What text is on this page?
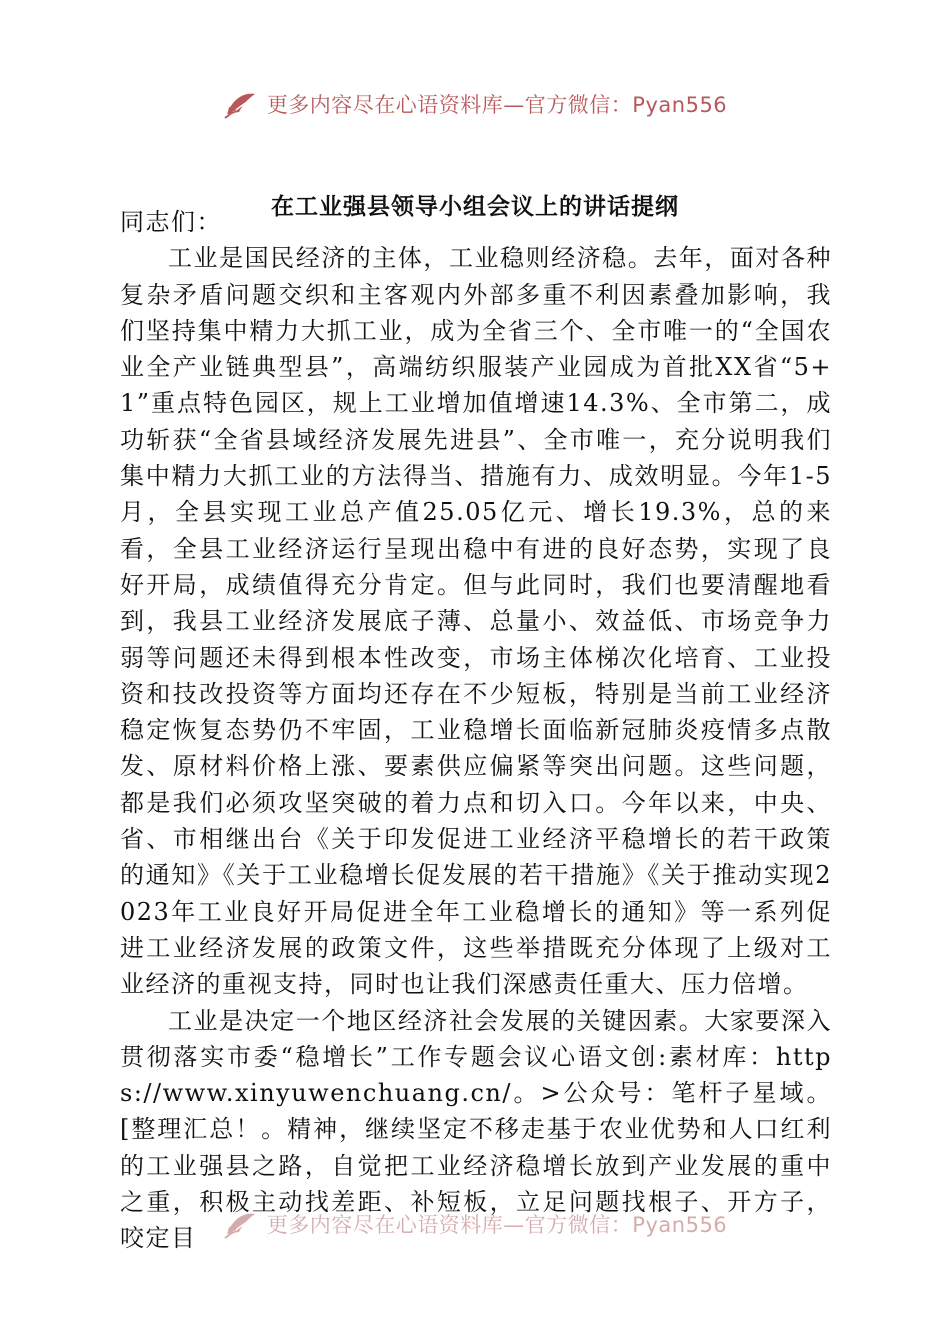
更多内容尽在心语资料库—官方微信：Pyan556
在工业强县领导小组会议上的讲话提纲

同志们：

工业是国民经济的主体，工业稳则经济稳。去年，面对各种复杂矛盾问题交织和主客观内外部多重不利因素叠加影响，我们坚持集中精力大抓工业，成为全省三个、全市唯一的“全国农业全产业链典型县”，高端纺织服装产业园成为首批XX省“5+1”重点特色园区，规上工业增加值增速14.3%、全市第二，成功斩获“全省县域经济发展先进县”、全市唯一，充分说明我们集中精力大抓工业的方法得当、措施有力、成效明显。今年1-5月，全县实现工业总产值25.05亿元、增长19.3%，总的来看，全县工业经济运行呈现出稳中有进的良好态势，实现了良好开局，成绩值得充分肯定。但与此同时，我们也要清醒地看到，我县工业经济发展底子薄、总量小、效益低、市场竞争力弱等问题还未得到根本性改变，市场主体梯次化培育、工业投资和技改投资等方面均还存在不少短板，特别是当前工业经济稳定恢复态势仍不牢固，工业稳增长面临新冠肺炎疫情多点散发、原材料价格上涨、要素供应偏紧等突出问题。这些问题，都是我们必须攻坚突破的着力点和切入口。今年以来，中央、省、市相继出台《关于印发促进工业经济平稳增长的若干政策的通知》《关于工业稳增长促发展的若干措施》《关于推动实现2023年工业良好开局促进全年工业稳增长的通知》等一系列促进工业经济发展的政策文件，这些举措既充分体现了上级对工业经济的重视支持，同时也让我们深感责任重大、压力倍增。

工业是决定一个地区经济社会发展的关键因素。大家要深入贯彻落实市委“稳增长”工作专题会议心语文创:素材库：https://www.xinyuwenchuang.cn/。>公众号：笔杆子星域。[整理汇总！。精神，继续坚定不移走基于农业优势和人口红利的工业强县之路，自觉把工业经济稳增长放到产业发展的重中之重，积极主动找差距、补短板，立足问题找根子、开方子，咬定目	更多内容尽在心语资料库—官方微信：Pyan556
